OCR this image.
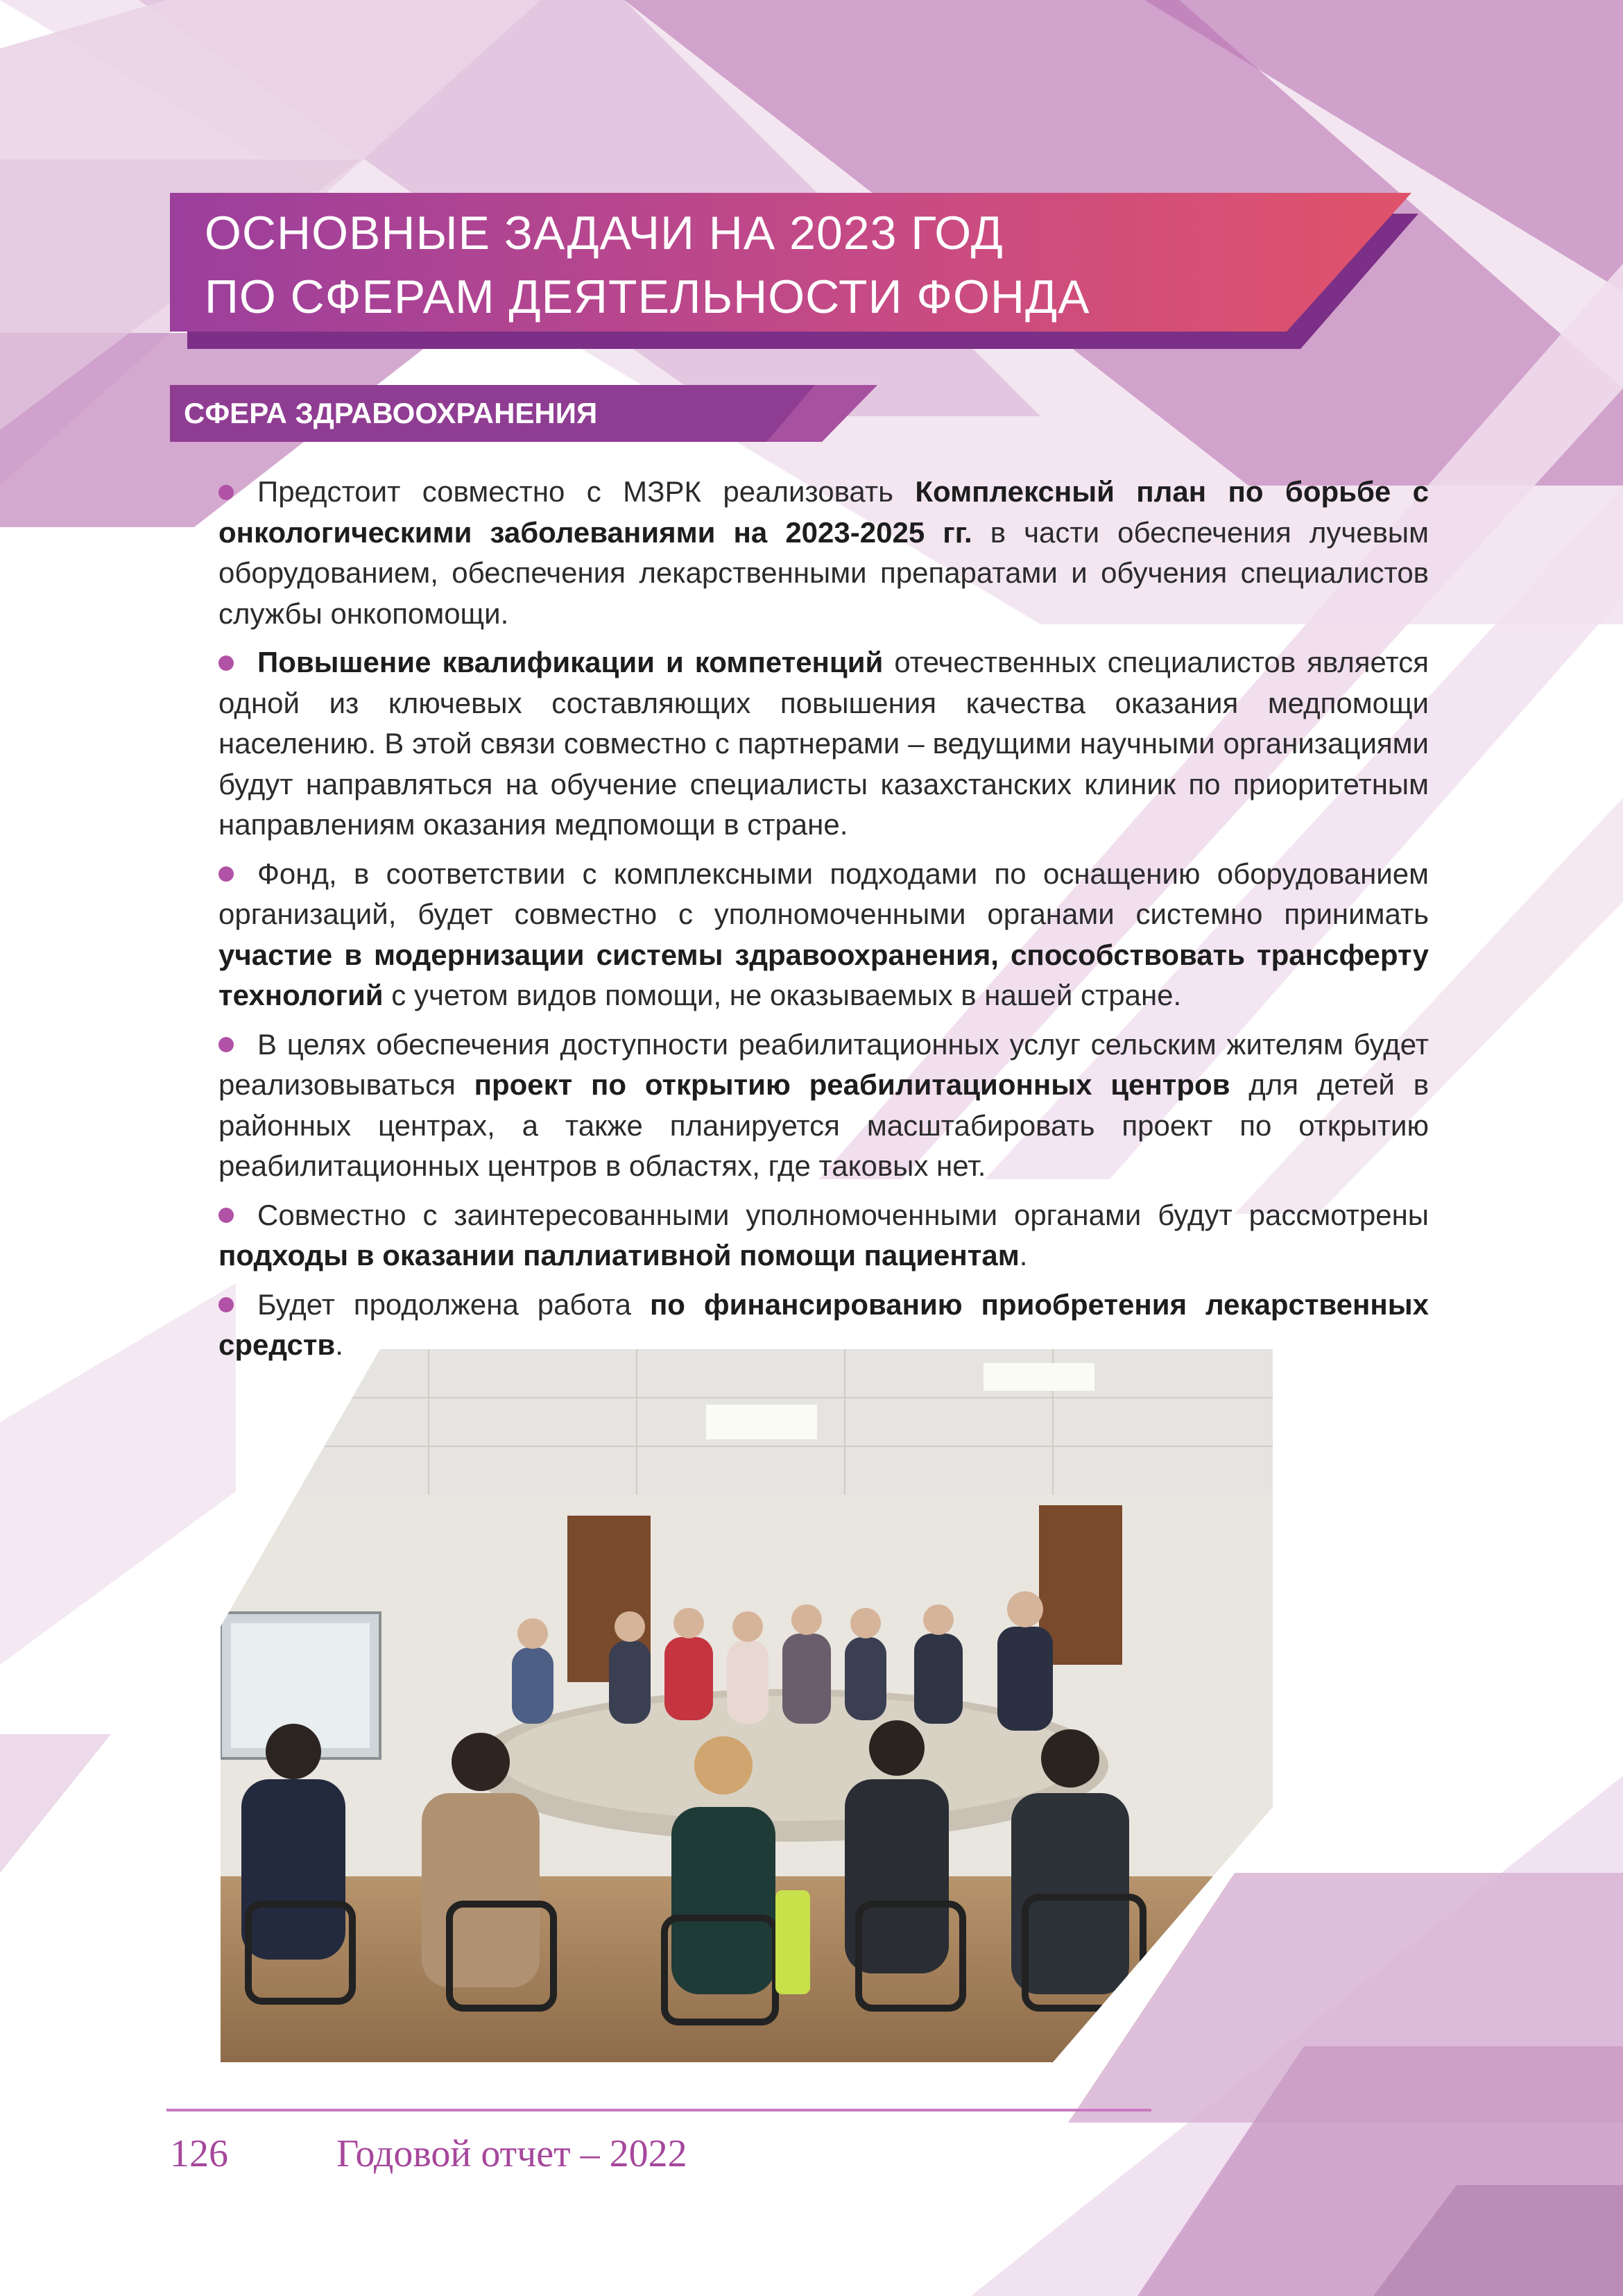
ОСНОВНЫЕ ЗАДАЧИ НА 2023 ГОД
ПО СФЕРАМ ДЕЯТЕЛЬНОСТИ ФОНДА
СФЕРА ЗДРАВООХРАНЕНИЯ
Предстоит совместно с МЗРК реализовать Комплексный план по борьбе с онкологическими заболеваниями на 2023-2025 гг. в части обеспечения лучевым оборудованием, обеспечения лекарственными препаратами и обучения специалистов службы онкопомощи.
Повышение квалификации и компетенций отечественных специалистов является одной из ключевых составляющих повышения качества оказания медпомощи населению. В этой связи совместно с партнерами – ведущими научными организациями будут направляться на обучение специалисты казахстанских клиник по приоритетным направлениям оказания медпомощи в стране.
Фонд, в соответствии с комплексными подходами по оснащению оборудованием организаций, будет совместно с уполномоченными органами системно принимать участие в модернизации системы здравоохранения, способствовать трансферту технологий с учетом видов помощи, не оказываемых в нашей стране.
В целях обеспечения доступности реабилитационных услуг сельским жителям будет реализовываться проект по открытию реабилитационных центров для детей в районных центрах, а также планируется масштабировать проект по открытию реабилитационных центров в областях, где таковых нет.
Совместно с заинтересованными уполномоченными органами будут рассмотрены подходы в оказании паллиативной помощи пациентам.
Будет продолжена работа по финансированию приобретения лекарственных средств.
126	Годовой отчет – 2022
